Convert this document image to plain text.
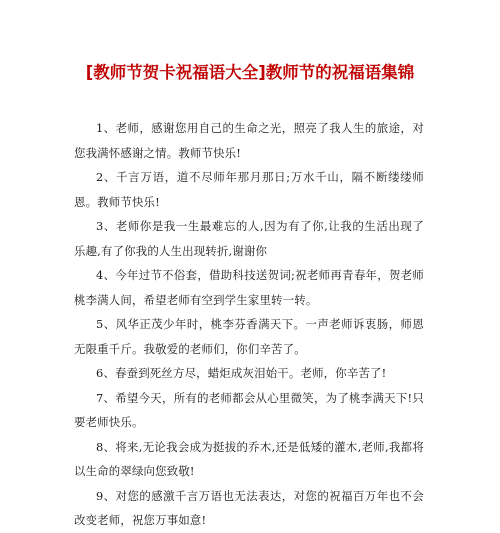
[教师节贺卡祝福语大全]教师节的祝福语集锦

1、老师，感谢您用自己的生命之光，照亮了我人生的旅途，对您我满怀感谢之情。教师节快乐!

2、千言万语，道不尽师年那月那日;万水千山，隔不断缕缕师恩。教师节快乐!

3、老师你是我一生最难忘的人,因为有了你,让我的生活出现了乐趣,有了你我的人生出现转折,谢谢你

4、今年过节不俗套，借助科技送贺词;祝老师再青春年，贺老师桃李满人间，希望老师有空到学生家里转一转。

5、风华正茂少年时，桃李芬香满天下。一声老师诉衷肠，师恩无限重千斤。我敬爱的老师们，你们辛苦了。

6、春蚕到死丝方尽，蜡炬成灰泪始干。老师，你辛苦了!

7、希望今天，所有的老师都会从心里微笑，为了桃李满天下!只要老师快乐。

8、将来,无论我会成为挺拔的乔木,还是低矮的灌木,老师,我都将以生命的翠绿向您致敬!

9、对您的感激千言万语也无法表达，对您的祝福百万年也不会改变老师，祝您万事如意!
